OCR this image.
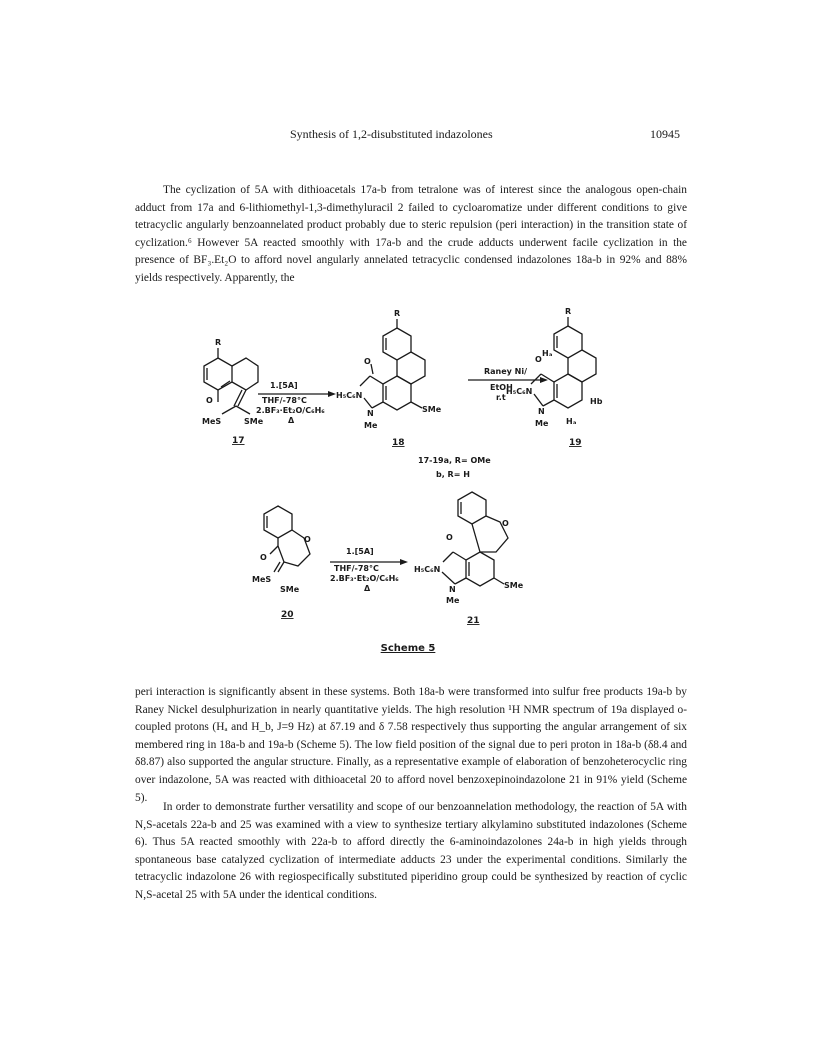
Synthesis of 1,2-disubstituted indazolones	10945
The cyclization of 5A with dithioacetals 17a-b from tetralone was of interest since the analogous open-chain adduct from 17a and 6-lithiomethyl-1,3-dimethyluracil 2 failed to cycloaromatize under different conditions to give tetracyclic angularly benzoannelated product probably due to steric repulsion (peri interaction) in the transition state of cyclization.⁶ However 5A reacted smoothly with 17a-b and the crude adducts underwent facile cyclization in the presence of BF₃.Et₂O to afford novel angularly annelated tetracyclic condensed indazolones 18a-b in 92% and 88% yields respectively. Apparently, the
R
O
MeS	SMe
17
1.[5A]
THF/-78°C
2.BF₃·Et₂O/C₆H₆
Δ
R
O
H₅C₆N
N
Me
SMe
18
Raney Ni/
EtOH
r.t
R
Hₐ
O
H₅C₆N
N
Me
Hb
Hₐ
19
O
O
MeS
SMe
20
1.[5A]
THF/-78°C
2.BF₃·Et₂O/C₆H₆
Δ
O
O
H₅C₆N
N
Me
SMe
21
17-19a, R= OMe
b, R= H
Scheme 5
peri interaction is significantly absent in these systems. Both 18a-b were transformed into sulfur free products 19a-b by Raney Nickel desulphurization in nearly quantitative yields. The high resolution ¹H NMR spectrum of 19a displayed o-coupled protons (Hₐ and H_b, J=9 Hz) at δ7.19 and δ 7.58 respectively thus supporting the angular arrangement of six membered ring in 18a-b and 19a-b (Scheme 5). The low field position of the signal due to peri proton in 18a-b (δ8.4 and δ8.87) also supported the angular structure. Finally, as a representative example of elaboration of benzoheterocyclic ring over indazolone, 5A was reacted with dithioacetal 20 to afford novel benzoxepinoindazolone 21 in 91% yield (Scheme 5).
In order to demonstrate further versatility and scope of our benzoannelation methodology, the reaction of 5A with N,S-acetals 22a-b and 25 was examined with a view to synthesize tertiary alkylamino substituted indazolones (Scheme 6). Thus 5A reacted smoothly with 22a-b to afford directly the 6-aminoindazolones 24a-b in high yields through spontaneous base catalyzed cyclization of intermediate adducts 23 under the experimental conditions. Similarly the tetracyclic indazolone 26 with regiospecifically substituted piperidino group could be synthesized by reaction of cyclic N,S-acetal 25 with 5A under the identical conditions.
